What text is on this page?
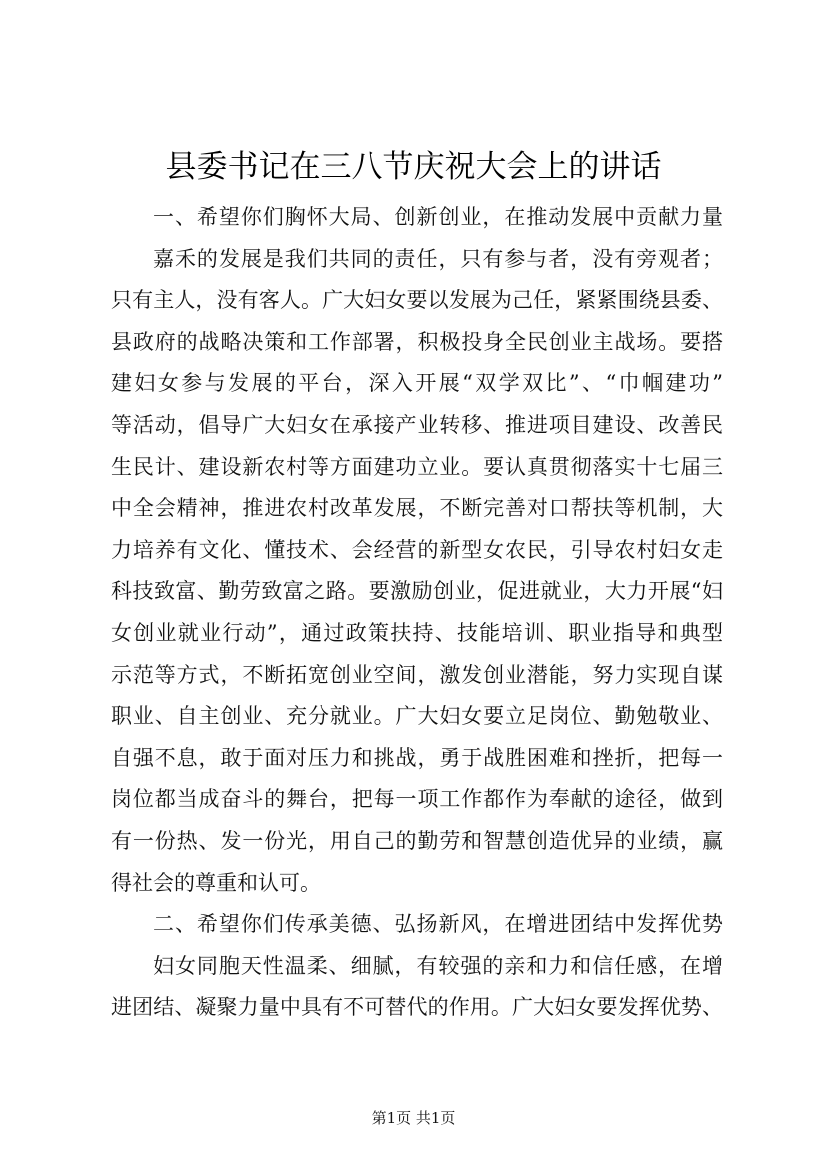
县委书记在三八节庆祝大会上的讲话
一、希望你们胸怀大局、创新创业，在推动发展中贡献力量
嘉禾的发展是我们共同的责任，只有参与者，没有旁观者；
只有主人，没有客人。广大妇女要以发展为己任，紧紧围绕县委、
县政府的战略决策和工作部署，积极投身全民创业主战场。要搭
建妇女参与发展的平台，深入开展“双学双比”、“巾帼建功”
等活动，倡导广大妇女在承接产业转移、推进项目建设、改善民
生民计、建设新农村等方面建功立业。要认真贯彻落实十七届三
中全会精神，推进农村改革发展，不断完善对口帮扶等机制，大
力培养有文化、懂技术、会经营的新型女农民，引导农村妇女走
科技致富、勤劳致富之路。要激励创业，促进就业，大力开展“妇
女创业就业行动”，通过政策扶持、技能培训、职业指导和典型
示范等方式，不断拓宽创业空间，激发创业潜能，努力实现自谋
职业、自主创业、充分就业。广大妇女要立足岗位、勤勉敬业、
自强不息，敢于面对压力和挑战，勇于战胜困难和挫折，把每一
岗位都当成奋斗的舞台，把每一项工作都作为奉献的途径，做到
有一份热、发一份光，用自己的勤劳和智慧创造优异的业绩，赢
得社会的尊重和认可。
二、希望你们传承美德、弘扬新风，在增进团结中发挥优势
妇女同胞天性温柔、细腻，有较强的亲和力和信任感，在增
进团结、凝聚力量中具有不可替代的作用。广大妇女要发挥优势、
第1页 共1页
